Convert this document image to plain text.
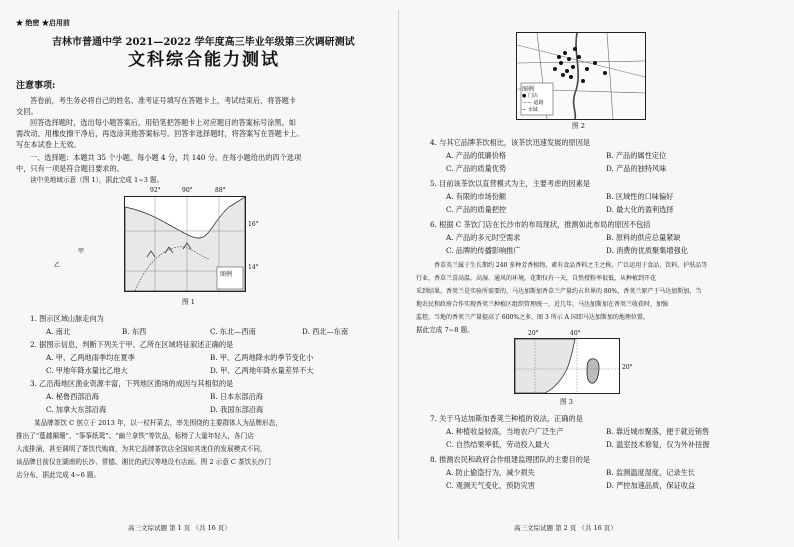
★ 绝密 ★启用前
吉林市普通中学 2021—2022 学年度高三毕业年级第三次调研测试
文科综合能力测试
注意事项:
答卷前，考生务必将自己的姓名、准考证号填写在答题卡上，考试结束后，将答题卡
交回。
回答选择题时，选出每小题答案后，用铅笔把答题卡上对应题目的答案标号涂黑。如
需改动，用橡皮擦干净后，再选涂其他答案标号。回答非选择题时，将答案写在答题卡上。
写在本试卷上无效。
一、选择题：本题共 35 个小题，每小题 4 分，共 140 分。在每小题给出的四个选项
中，只有一项是符合题目要求的。
读中美地域示意（图 1），据此完成 1~3 题。
92°	90°	88°
甲
乙
图例
16°
14°
图 1
1. 图示区域山脉走向为
A. 南北	B. 东西	C. 东北—西南	D. 西北—东南
2. 据图示信息，判断下列关于甲、乙所在区域将征叙述正确的是
A. 甲、乙两地雨季均在夏季	B. 甲、乙两地降水的季节变化小
C. 甲地年降水量比乙地大	D. 甲、乙两地年降水量差异不大
3. 乙沿海地区渔业资源丰富，下列地区渔场的成因与其相似的是
A. 秘鲁西部沿海	B. 日本东部沿海
C. 加拿大东部沿海	D. 我国东部沿海
某品牌茶饮 C 创立于 2013 年，以一杖杆菜去，率先围绕的主要群体人为品牌形态，
推出了“蔓越阑珊”、“筝筝纸鸳”、“幽兰拿铁”等饮品，标榜了大量年轻人，各门店
人流排涌，甚至调明了茶饮代购商，为其它品牌茶饮店全国如其迷住的发展模式不同，
该品牌目前仅在湖南的长沙、常德、湘比的武汉等地设有店面。图 2 示意 C 茶饮长沙门
店分布，据此完成 4~6 题。
高三文综试题 第 1 页 （共 16 页）
图例
● 门店
—— 道路
~ 水域
图 2
4. 与其它品牌茶饮相比，该茶饮迅速发展的原因是
A. 产品的低廉价格	B. 产品的属性定位
C. 产品的质量优势	D. 产品的独特风味
5. 目前该茶饮以直营模式为主，主要考虑的因素是
A. 有限的市场份额	B. 区域性的口味偏好
C. 产品的质量把控	D. 最大化的盈利选择
6. 根据 C 茶饮门店在长沙市的布局现状，推测如此布局的原因不包括
A. 产品的多元时空需求	B. 原料的供应总量紧缺
C. 品牌的传播影响推广	D. 消费的优质聚集增强化
香草英兰属于生长期约 240 多种芳香植物，素有食品香料之王之称，广泛运用于食品、饮料、护肤品等
行业，香草兰喜高温、高湿、通风的环境，花期仅有一天，自然授粉率很低，从种植到开花
采到结果。香荚兰是实验所需要的，马达加斯加香草兰产量约占世界的 80%，香荚兰原产于马达加斯加，当
地农民和政府合作实现香荚兰种植区组织管理统一，近几年，马达加斯加在香荚兰收获时，加强
监控，当地的香荚兰产量提高了 600%之多，图 3 所示 A 国即马达加斯加的地理位置。
据此完成 7~8 题。	20°	40°
20°
图 3
7. 关于马达加斯加香荚兰种植的说法，正确的是
A. 种植收益较高，当地农户广泛生产	B. 靠近城市聚落，便于就近销售
C. 自然结果率低，劳动投入最大	D. 温室技术修复，仅为外补扭握
8. 推测农民和政府合作组建监理团队的主要目的是
A. 防止偷盗行为，减少损失	B. 监测温度湿度，记录生长
C. 观测天气变化，预防灾害	D. 严控加速品质，保证收益
高三文综试题 第 2 页 （共 16 页）
